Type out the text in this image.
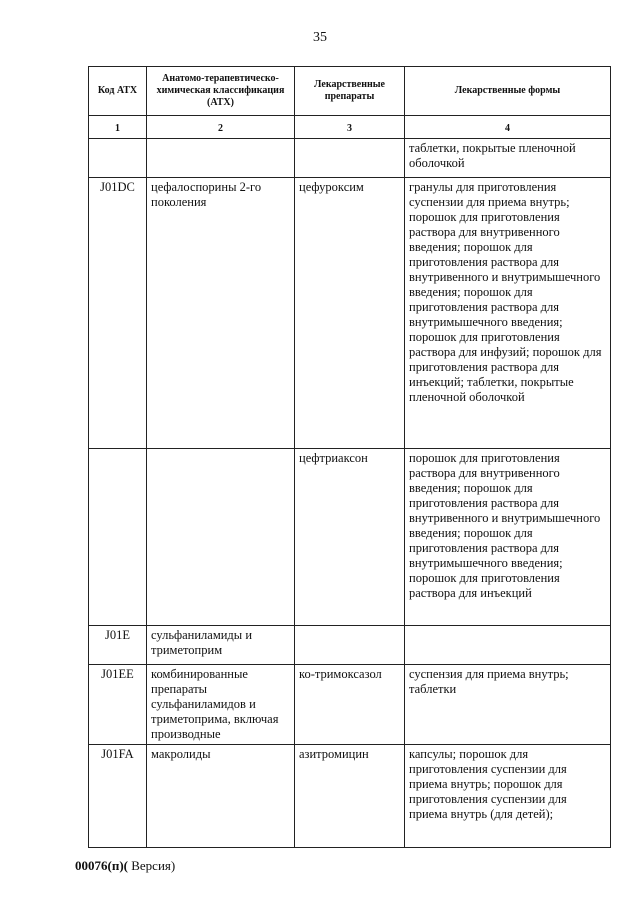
35
Код АТХ	Анатомо-терапевтическо-химическая классификация (АТХ)	Лекарственные препараты	Лекарственные формы
1	2	3	4
			таблетки, покрытые пленочной оболочкой
J01DC	цефалоспорины 2-го поколения	цефуроксим	гранулы для приготовления суспензии для приема внутрь; порошок для приготовления раствора для внутривенного введения; порошок для приготовления раствора для внутривенного и внутримышечного введения; порошок для приготовления раствора для внутримышечного введения; порошок для приготовления раствора для инфузий; порошок для приготовления раствора для инъекций; таблетки, покрытые пленочной оболочкой
		цефтриаксон	порошок для приготовления раствора для внутривенного введения; порошок для приготовления раствора для внутривенного и внутримышечного введения; порошок для приготовления раствора для внутримышечного введения; порошок для приготовления раствора для инъекций
J01E	сульфаниламиды и триметоприм		
J01EE	комбинированные препараты сульфаниламидов и триметоприма, включая производные	ко-тримоксазол	суспензия для приема внутрь; таблетки
J01FA	макролиды	азитромицин	капсулы; порошок для приготовления суспензии для приема внутрь; порошок для приготовления суспензии для приема внутрь (для детей);
00076(п)( Версия)
